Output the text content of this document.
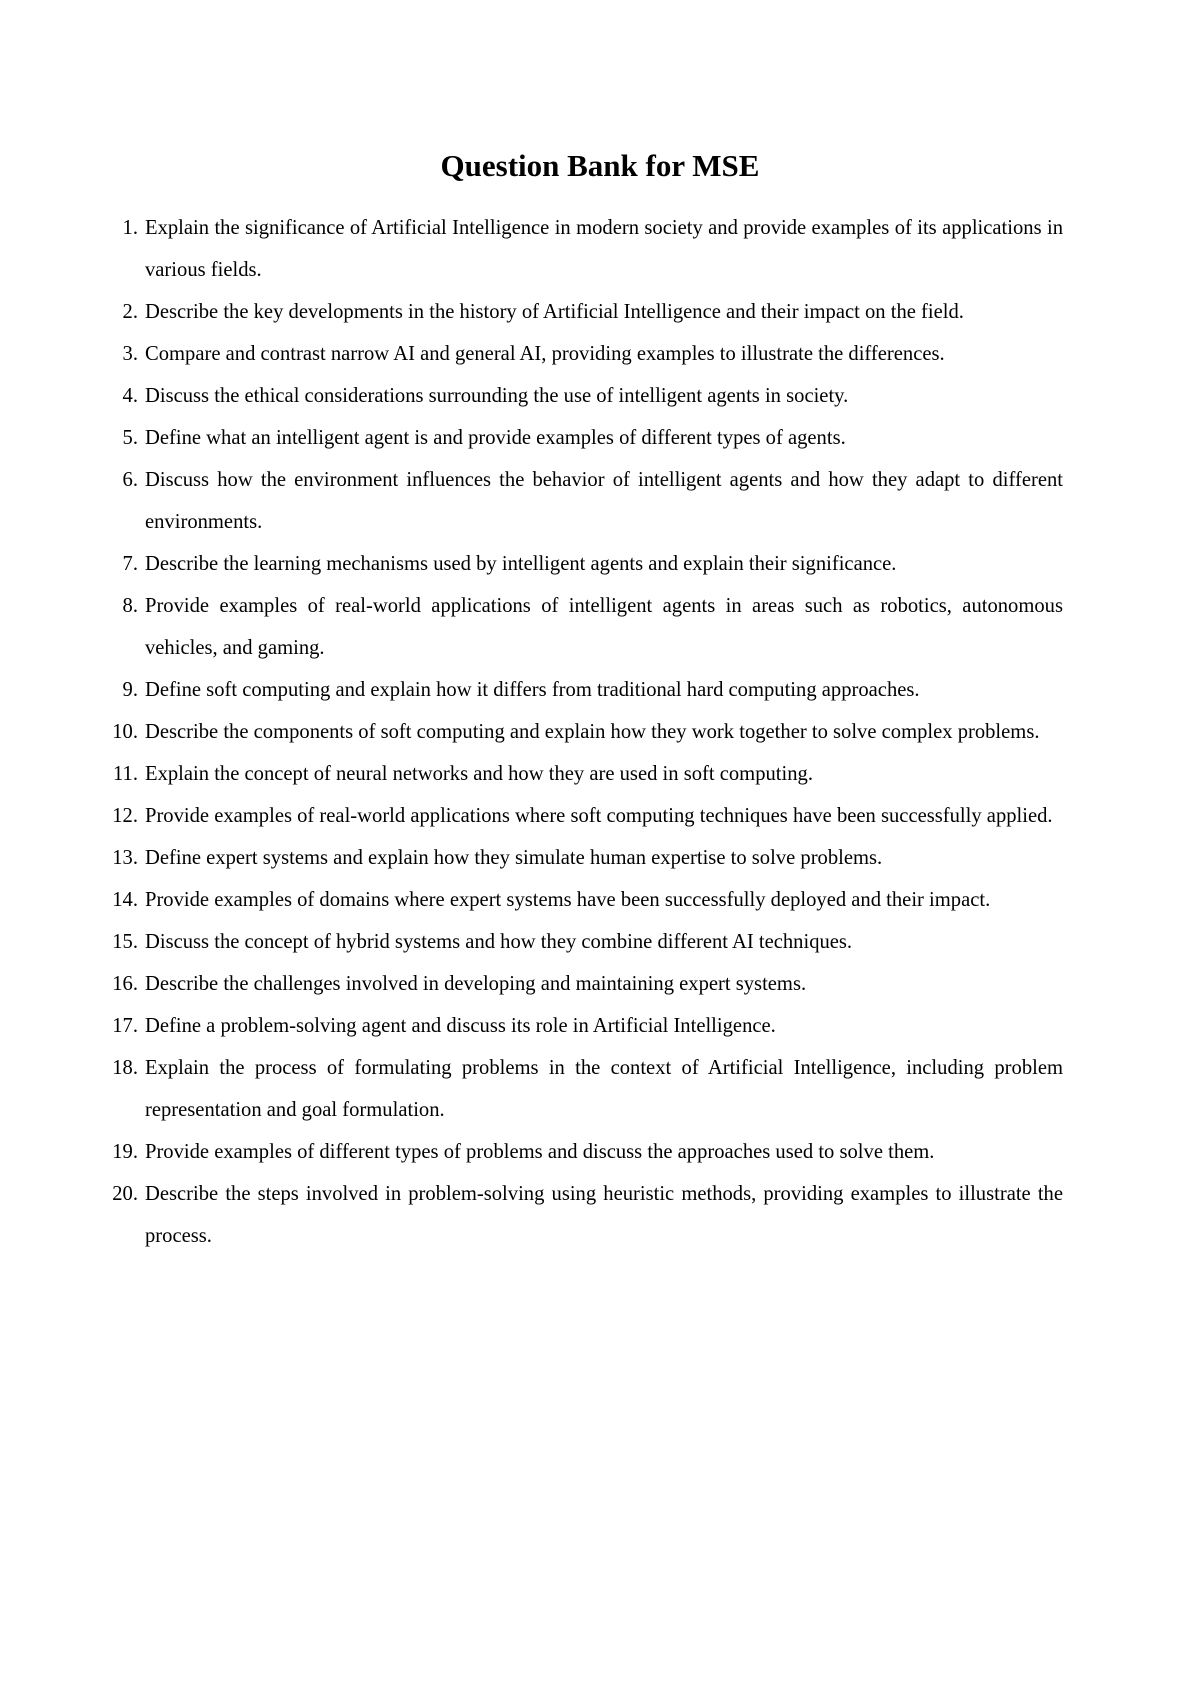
Question Bank for MSE
1. Explain the significance of Artificial Intelligence in modern society and provide examples of its applications in various fields.
2. Describe the key developments in the history of Artificial Intelligence and their impact on the field.
3. Compare and contrast narrow AI and general AI, providing examples to illustrate the differences.
4. Discuss the ethical considerations surrounding the use of intelligent agents in society.
5. Define what an intelligent agent is and provide examples of different types of agents.
6. Discuss how the environment influences the behavior of intelligent agents and how they adapt to different environments.
7. Describe the learning mechanisms used by intelligent agents and explain their significance.
8. Provide examples of real-world applications of intelligent agents in areas such as robotics, autonomous vehicles, and gaming.
9. Define soft computing and explain how it differs from traditional hard computing approaches.
10. Describe the components of soft computing and explain how they work together to solve complex problems.
11. Explain the concept of neural networks and how they are used in soft computing.
12. Provide examples of real-world applications where soft computing techniques have been successfully applied.
13. Define expert systems and explain how they simulate human expertise to solve problems.
14. Provide examples of domains where expert systems have been successfully deployed and their impact.
15. Discuss the concept of hybrid systems and how they combine different AI techniques.
16. Describe the challenges involved in developing and maintaining expert systems.
17. Define a problem-solving agent and discuss its role in Artificial Intelligence.
18. Explain the process of formulating problems in the context of Artificial Intelligence, including problem representation and goal formulation.
19. Provide examples of different types of problems and discuss the approaches used to solve them.
20. Describe the steps involved in problem-solving using heuristic methods, providing examples to illustrate the process.
